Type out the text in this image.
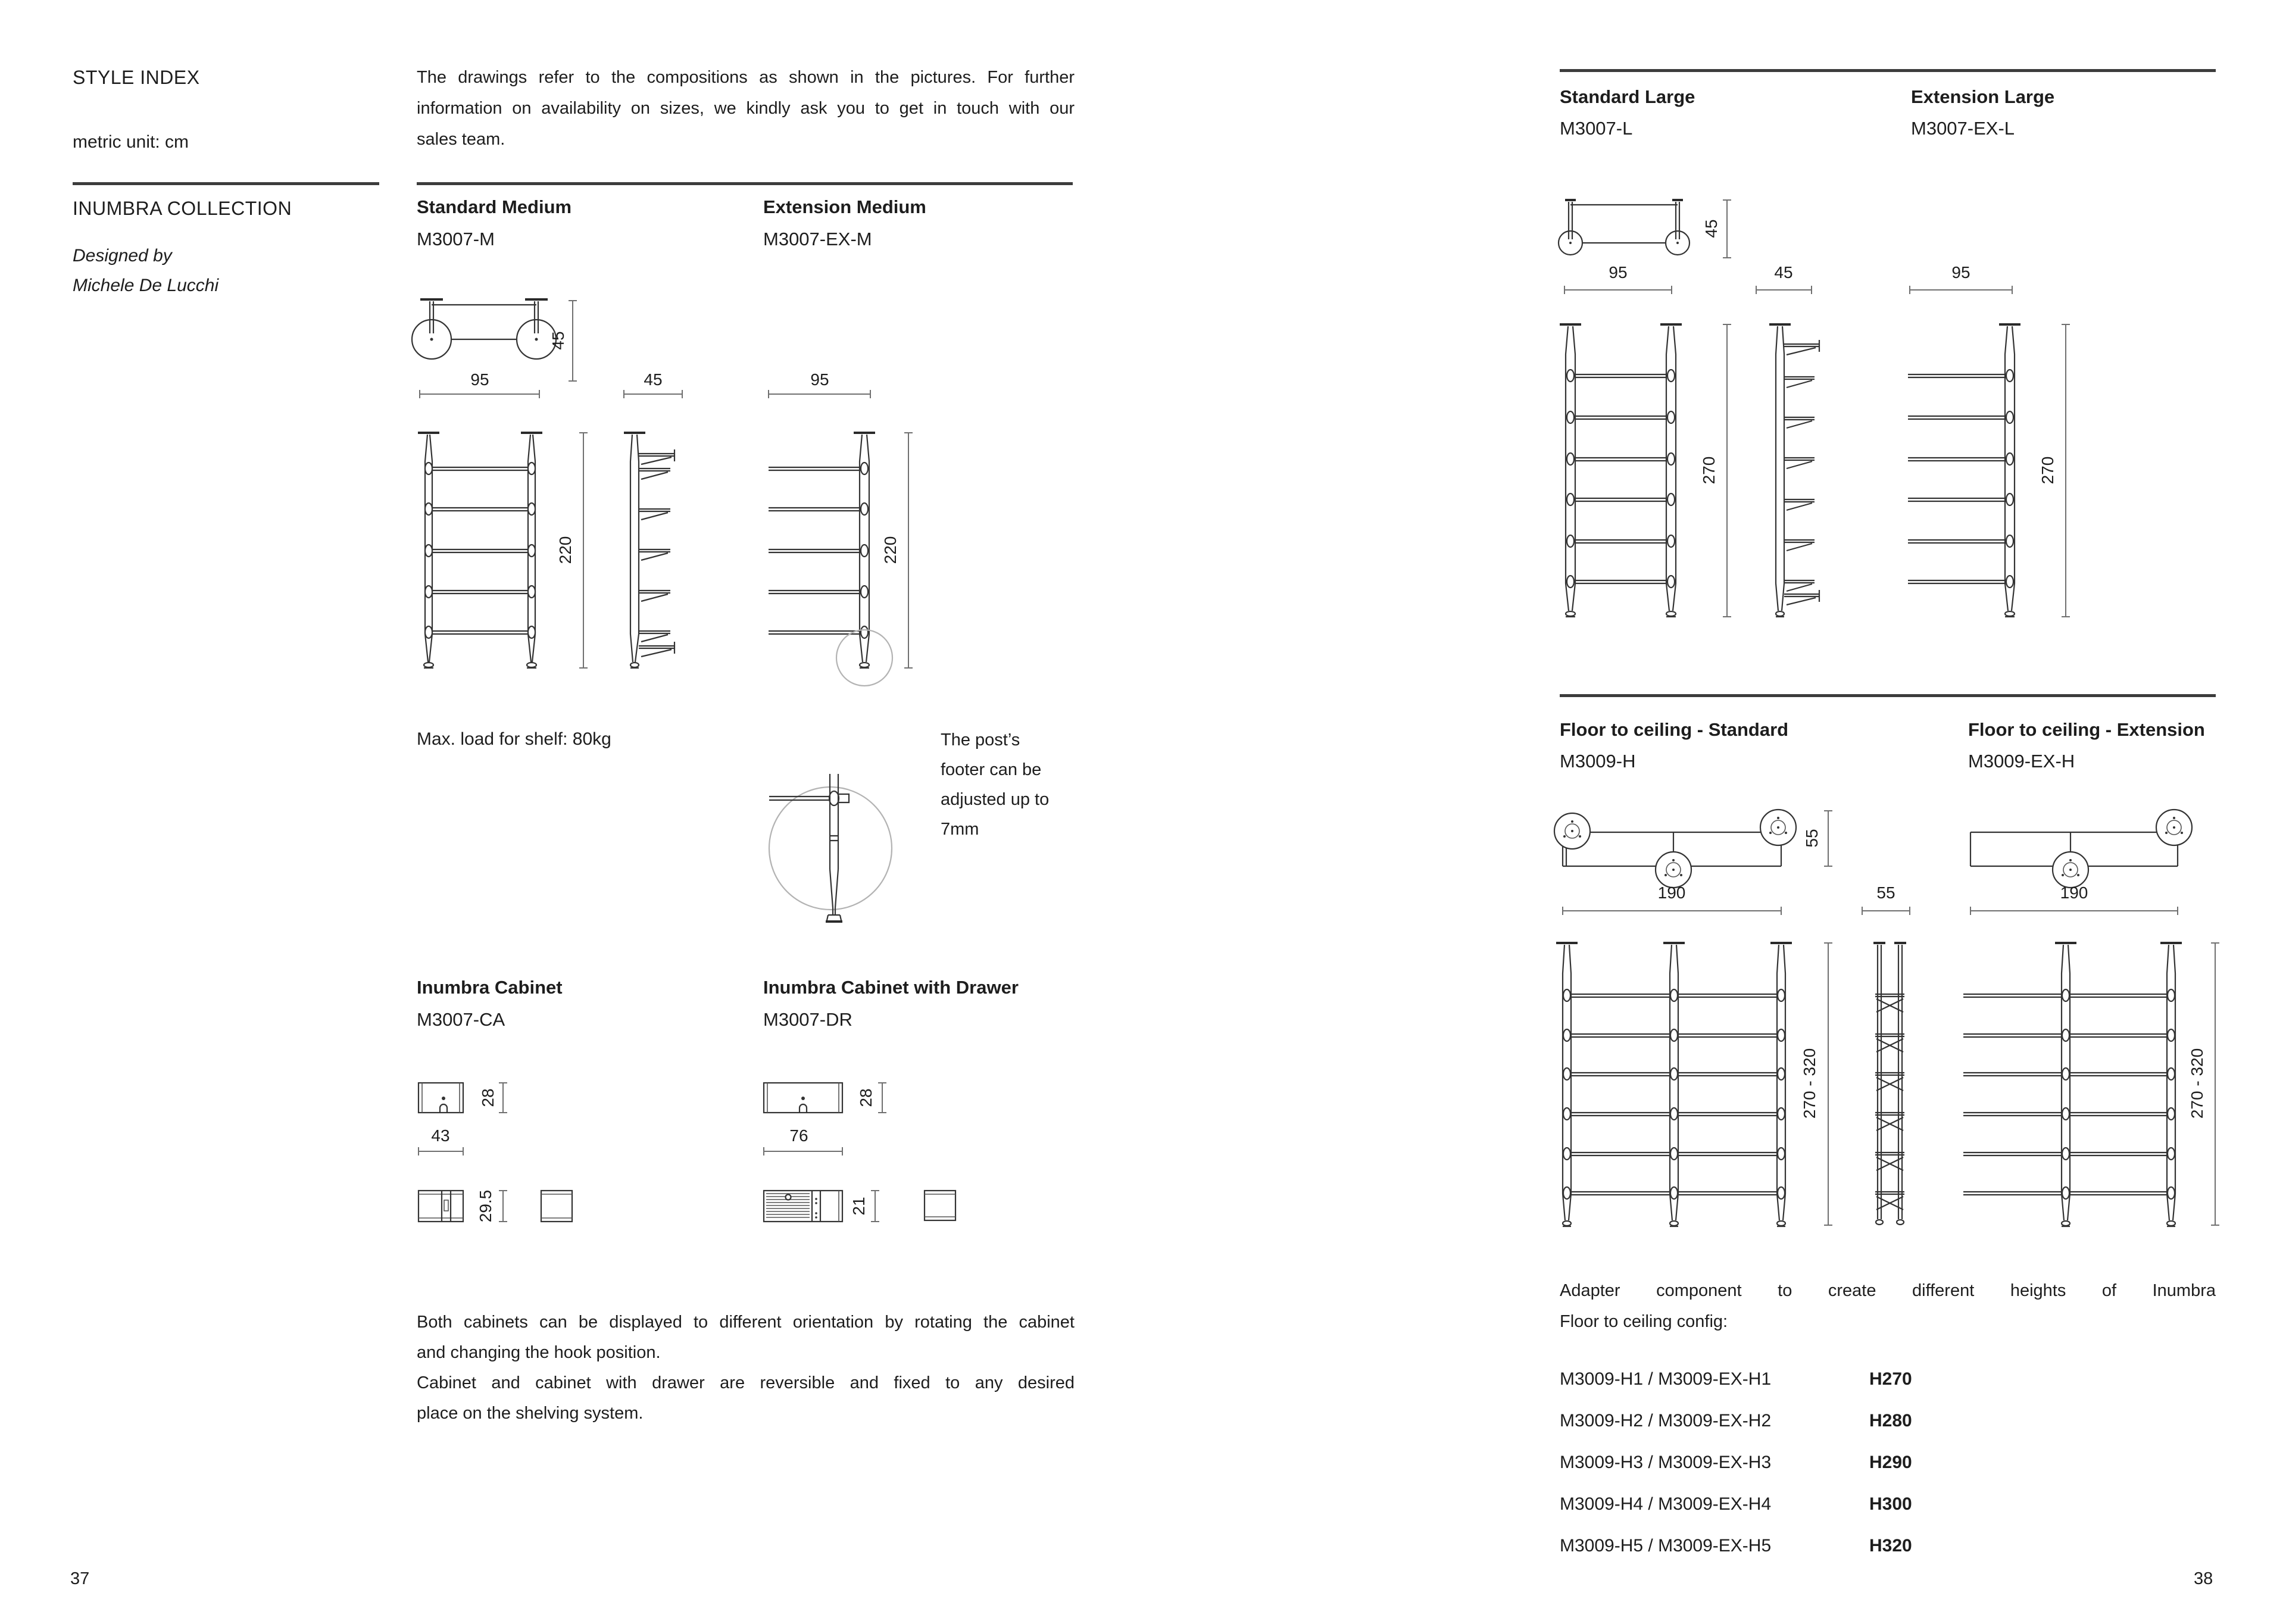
STYLE INDEX
metric unit: cm
INUMBRA COLLECTION
Designed by
Michele De Lucchi
The drawings refer to the compositions as shown in the pictures. For further
information on availability on sizes, we kindly ask you to get in touch with our
sales team.
Standard Medium
M3007-M
Extension Medium
M3007-EX-M
45
95	45	95
220	220
Max. load for shelf: 80kg	The post’s
footer can be
adjusted up to
7mm
Inumbra Cabinet
M3007-CA
Inumbra Cabinet with Drawer
M3007-DR
28
43
29.5
28
76
21
Both cabinets can be displayed to different orientation by rotating the cabinet
and changing the hook position.
Cabinet and cabinet with drawer are reversible and fixed to any desired
place on the shelving system.
37
Standard Large
M3007-L
Extension Large
M3007-EX-L
45
95	45	95
270	270
Floor to ceiling - Standard
M3009-H
Floor to ceiling - Extension
M3009-EX-H
55
190	55	190
270 - 320	270 - 320
Adapter component to create different heights of Inumbra
Floor to ceiling config:
M3009-H1 / M3009-EX-H1	H270
M3009-H2 / M3009-EX-H2	H280
M3009-H3 / M3009-EX-H3	H290
M3009-H4 / M3009-EX-H4	H300
M3009-H5 / M3009-EX-H5	H320
38
